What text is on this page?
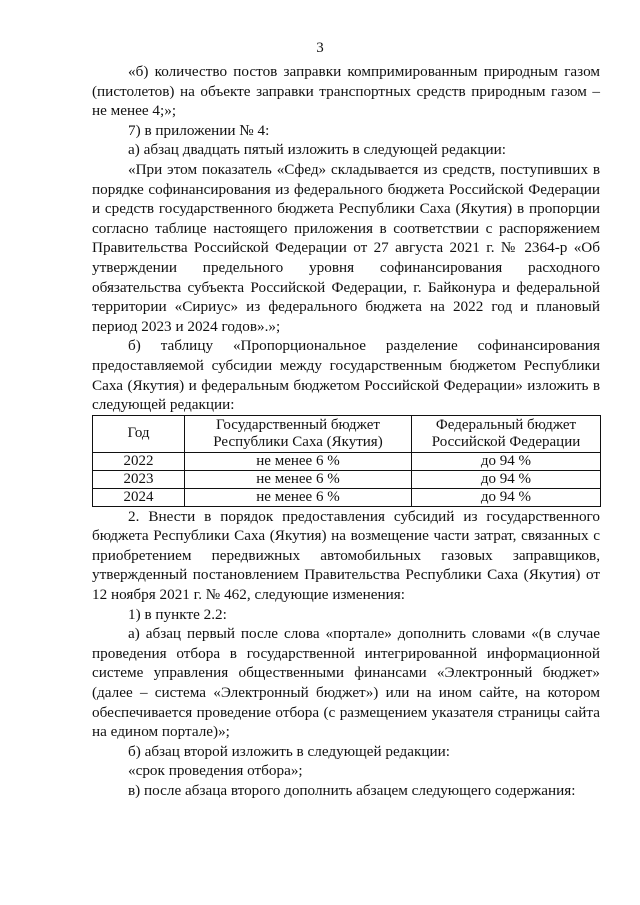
3

«б) количество постов заправки компримированным природным газом (пистолетов) на объекте заправки транспортных средств природным газом – не менее 4;»;

7) в приложении № 4:

а) абзац двадцать пятый изложить в следующей редакции:

«При этом показатель «Сфед» складывается из средств, поступивших в порядке софинансирования из федерального бюджета Российской Федерации и средств государственного бюджета Республики Саха (Якутия) в пропорции согласно таблице настоящего приложения в соответствии с распоряжением Правительства Российской Федерации от 27 августа 2021 г. № 2364-р «Об утверждении предельного уровня софинансирования расходного обязательства субъекта Российской Федерации, г. Байконура и федеральной территории «Сириус» из федерального бюджета на 2022 год и плановый период 2023 и 2024 годов».»;

б) таблицу «Пропорциональное разделение софинансирования предоставляемой субсидии между государственным бюджетом Республики Саха (Якутия) и федеральным бюджетом Российской Федерации» изложить в следующей редакции:

Год	Государственный бюджет Республики Саха (Якутия)	Федеральный бюджет Российской Федерации
2022	не менее 6 %	до 94 %
2023	не менее 6 %	до 94 %
2024	не менее 6 %	до 94 %

2. Внести в порядок предоставления субсидий из государственного бюджета Республики Саха (Якутия) на возмещение части затрат, связанных с приобретением передвижных автомобильных газовых заправщиков, утвержденный постановлением Правительства Республики Саха (Якутия) от 12 ноября 2021 г. № 462, следующие изменения:

1) в пункте 2.2:

а) абзац первый после слова «портале» дополнить словами «(в случае проведения отбора в государственной интегрированной информационной системе управления общественными финансами «Электронный бюджет» (далее – система «Электронный бюджет») или на ином сайте, на котором обеспечивается проведение отбора (с размещением указателя страницы сайта на едином портале)»;

б) абзац второй изложить в следующей редакции:

«срок проведения отбора»;

в) после абзаца второго дополнить абзацем следующего содержания:
